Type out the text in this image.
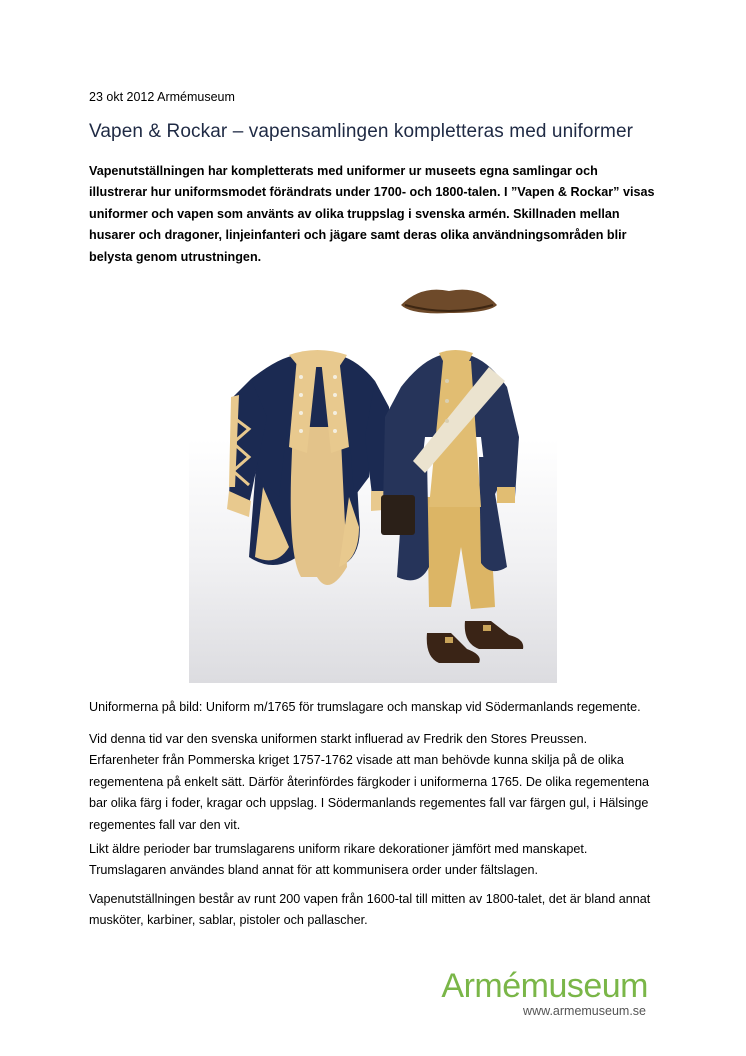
23 okt 2012 Armémuseum
Vapen & Rockar – vapensamlingen kompletteras med uniformer
Vapenutställningen har kompletterats med uniformer ur museets egna samlingar och illustrerar hur uniformsmodet förändrats under 1700- och 1800-talen. I ”Vapen & Rockar” visas uniformer och vapen som använts av olika truppslag i svenska armén. Skillnaden mellan husarer och dragoner, linjeinfanteri och jägare samt deras olika användningsområden blir belysta genom utrustningen.
Uniformerna på bild: Uniform m/1765 för trumslagare och manskap vid Södermanlands regemente.
Vid denna tid var den svenska uniformen starkt influerad av Fredrik den Stores Preussen. Erfarenheter från Pommerska kriget 1757-1762 visade att man behövde kunna skilja på de olika regementena på enkelt sätt. Därför återinfördes färgkoder i uniformerna 1765. De olika regementena bar olika färg i foder, kragar och uppslag. I Södermanlands regementes fall var färgen gul, i Hälsinge regementes fall var den vit.
Likt äldre perioder bar trumslagarens uniform rikare dekorationer jämfört med manskapet. Trumslagaren användes bland annat för att kommunisera order under fältslagen.
Vapenutställningen består av runt 200 vapen från 1600-tal till mitten av 1800-talet, det är bland annat musköter, karbiner, sablar, pistoler och pallascher.
Armémuseum
www.armemuseum.se
